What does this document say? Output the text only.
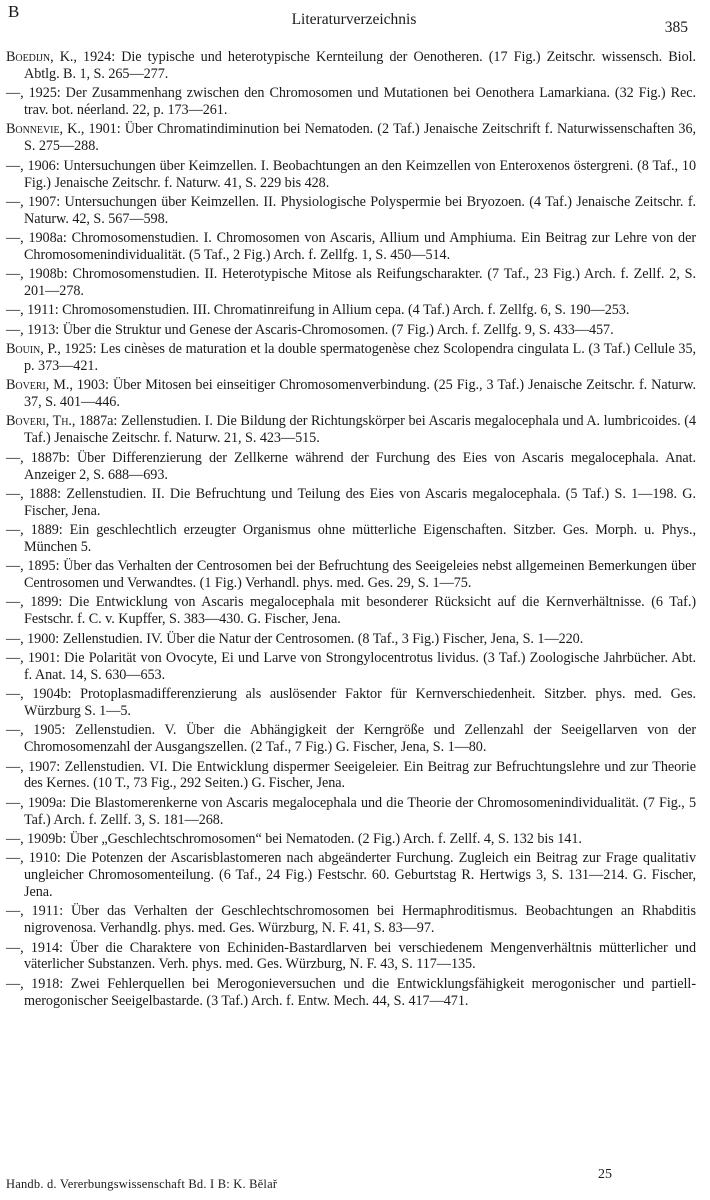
B	Literaturverzeichnis	385

Boedijn, K., 1924: Die typische und heterotypische Kernteilung der Oenotheren. (17 Fig.) Zeitschr. wissensch. Biol. Abtlg. B. 1, S. 265—277.

—, 1925: Der Zusammenhang zwischen den Chromosomen und Mutationen bei Oenothera Lamarkiana. (32 Fig.) Rec. trav. bot. néerland. 22, p. 173—261.

Bonnevie, K., 1901: Über Chromatindiminution bei Nematoden. (2 Taf.) Jenaische Zeitschrift f. Naturwissenschaften 36, S. 275—288.

—, 1906: Untersuchungen über Keimzellen. I. Beobachtungen an den Keimzellen von Enteroxenos östergreni. (8 Taf., 10 Fig.) Jenaische Zeitschr. f. Naturw. 41, S. 229 bis 428.

—, 1907: Untersuchungen über Keimzellen. II. Physiologische Polyspermie bei Bryozoen. (4 Taf.) Jenaische Zeitschr. f. Naturw. 42, S. 567—598.

—, 1908a: Chromosomenstudien. I. Chromosomen von Ascaris, Allium und Amphiuma. Ein Beitrag zur Lehre von der Chromosomenindividualität. (5 Taf., 2 Fig.) Arch. f. Zellfg. 1, S. 450—514.

—, 1908b: Chromosomenstudien. II. Heterotypische Mitose als Reifungscharakter. (7 Taf., 23 Fig.) Arch. f. Zellf. 2, S. 201—278.

—, 1911: Chromosomenstudien. III. Chromatinreifung in Allium cepa. (4 Taf.) Arch. f. Zellfg. 6, S. 190—253.

—, 1913: Über die Struktur und Genese der Ascaris-Chromosomen. (7 Fig.) Arch. f. Zellfg. 9, S. 433—457.

Bouin, P., 1925: Les cinèses de maturation et la double spermatogenèse chez Scolopendra cingulata L. (3 Taf.) Cellule 35, p. 373—421.

Boveri, M., 1903: Über Mitosen bei einseitiger Chromosomenverbindung. (25 Fig., 3 Taf.) Jenaische Zeitschr. f. Naturw. 37, S. 401—446.

Boveri, Th., 1887a: Zellenstudien. I. Die Bildung der Richtungskörper bei Ascaris megalocephala und A. lumbricoides. (4 Taf.) Jenaische Zeitschr. f. Naturw. 21, S. 423—515.

—, 1887b: Über Differenzierung der Zellkerne während der Furchung des Eies von Ascaris megalocephala. Anat. Anzeiger 2, S. 688—693.

—, 1888: Zellenstudien. II. Die Befruchtung und Teilung des Eies von Ascaris megalocephala. (5 Taf.) S. 1—198. G. Fischer, Jena.

—, 1889: Ein geschlechtlich erzeugter Organismus ohne mütterliche Eigenschaften. Sitzber. Ges. Morph. u. Phys., München 5.

—, 1895: Über das Verhalten der Centrosomen bei der Befruchtung des Seeigeleies nebst allgemeinen Bemerkungen über Centrosomen und Verwandtes. (1 Fig.) Verhandl. phys. med. Ges. 29, S. 1—75.

—, 1899: Die Entwicklung von Ascaris megalocephala mit besonderer Rücksicht auf die Kernverhältnisse. (6 Taf.) Festschr. f. C. v. Kupffer, S. 383—430. G. Fischer, Jena.

—, 1900: Zellenstudien. IV. Über die Natur der Centrosomen. (8 Taf., 3 Fig.) Fischer, Jena, S. 1—220.

—, 1901: Die Polarität von Ovocyte, Ei und Larve von Strongylocentrotus lividus. (3 Taf.) Zoologische Jahrbücher. Abt. f. Anat. 14, S. 630—653.

—, 1904b: Protoplasmadifferenzierung als auslösender Faktor für Kernverschiedenheit. Sitzber. phys. med. Ges. Würzburg S. 1—5.

—, 1905: Zellenstudien. V. Über die Abhängigkeit der Kerngröße und Zellenzahl der Seeigellarven von der Chromosomenzahl der Ausgangszellen. (2 Taf., 7 Fig.) G. Fischer, Jena, S. 1—80.

—, 1907: Zellenstudien. VI. Die Entwicklung dispermer Seeigeleier. Ein Beitrag zur Befruchtungslehre und zur Theorie des Kernes. (10 T., 73 Fig., 292 Seiten.) G. Fischer, Jena.

—, 1909a: Die Blastomerenkerne von Ascaris megalocephala und die Theorie der Chromosomenindividualität. (7 Fig., 5 Taf.) Arch. f. Zellf. 3, S. 181—268.

—, 1909b: Über „Geschlechtschromosomen“ bei Nematoden. (2 Fig.) Arch. f. Zellf. 4, S. 132 bis 141.

—, 1910: Die Potenzen der Ascarisblastomeren nach abgeänderter Furchung. Zugleich ein Beitrag zur Frage qualitativ ungleicher Chromosomenteilung. (6 Taf., 24 Fig.) Festschr. 60. Geburtstag R. Hertwigs 3, S. 131—214. G. Fischer, Jena.

—, 1911: Über das Verhalten der Geschlechtschromosomen bei Hermaphroditismus. Beobachtungen an Rhabditis nigrovenosa. Verhandlg. phys. med. Ges. Würzburg, N. F. 41, S. 83—97.

—, 1914: Über die Charaktere von Echiniden-Bastardlarven bei verschiedenem Mengenverhältnis mütterlicher und väterlicher Substanzen. Verh. phys. med. Ges. Würzburg, N. F. 43, S. 117—135.

—, 1918: Zwei Fehlerquellen bei Merogonieversuchen und die Entwicklungsfähigkeit merogonischer und partiell-merogonischer Seeigelbastarde. (3 Taf.) Arch. f. Entw. Mech. 44, S. 417—471.

Handb. d. Vererbungswissenschaft Bd. I B: K. Bělař
25
